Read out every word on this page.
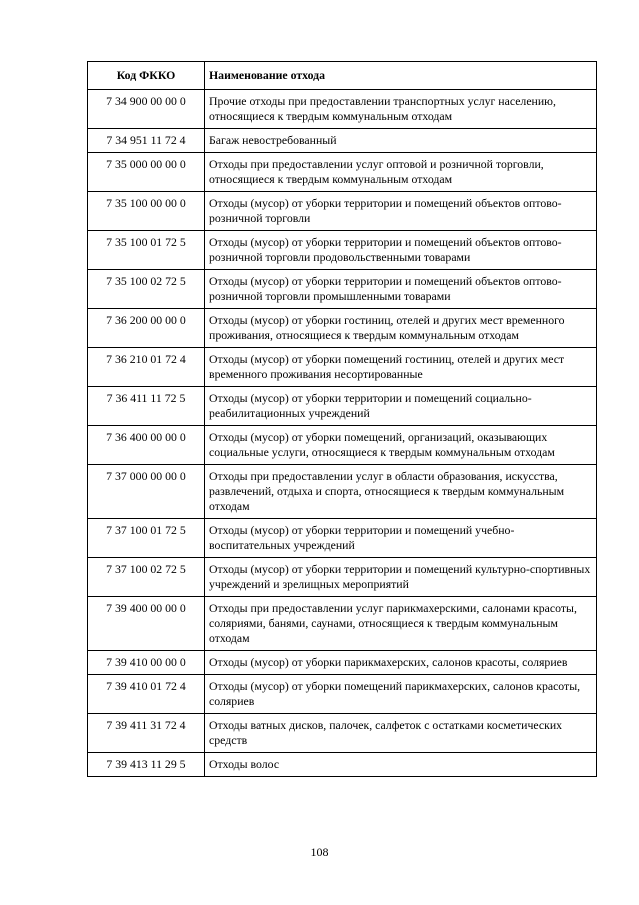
Код ФККО	Наименование отхода
7 34 900 00 00 0	Прочие отходы при предоставлении транспортных услуг населению, относящиеся к твердым коммунальным отходам
7 34 951 11 72 4	Багаж невостребованный
7 35 000 00 00 0	Отходы при предоставлении услуг оптовой и розничной торговли, относящиеся к твердым коммунальным отходам
7 35 100 00 00 0	Отходы (мусор) от уборки территории и помещений объектов оптово-розничной торговли
7 35 100 01 72 5	Отходы (мусор) от уборки территории и помещений объектов оптово-розничной торговли продовольственными товарами
7 35 100 02 72 5	Отходы (мусор) от уборки территории и помещений объектов оптово-розничной торговли промышленными товарами
7 36 200 00 00 0	Отходы (мусор) от уборки гостиниц, отелей и других мест временного проживания, относящиеся к твердым коммунальным отходам
7 36 210 01 72 4	Отходы (мусор) от уборки помещений гостиниц, отелей и других мест временного проживания несортированные
7 36 411 11 72 5	Отходы (мусор) от уборки территории и помещений социально-реабилитационных учреждений
7 36 400 00 00 0	Отходы (мусор) от уборки помещений, организаций, оказывающих социальные услуги, относящиеся к твердым коммунальным отходам
7 37 000 00 00 0	Отходы при предоставлении услуг в области образования, искусства, развлечений, отдыха и спорта, относящиеся к твердым коммунальным отходам
7 37 100 01 72 5	Отходы (мусор) от уборки территории и помещений учебно-воспитательных учреждений
7 37 100 02 72 5	Отходы (мусор) от уборки территории и помещений культурно-спортивных учреждений и зрелищных мероприятий
7 39 400 00 00 0	Отходы при предоставлении услуг парикмахерскими, салонами красоты, соляриями, банями, саунами, относящиеся к твердым коммунальным отходам
7 39 410 00 00 0	Отходы (мусор) от уборки парикмахерских, салонов красоты, соляриев
7 39 410 01 72 4	Отходы (мусор) от уборки помещений парикмахерских, салонов красоты, соляриев
7 39 411 31 72 4	Отходы ватных дисков, палочек, салфеток с остатками косметических средств
7 39 413 11 29 5	Отходы волос
108
